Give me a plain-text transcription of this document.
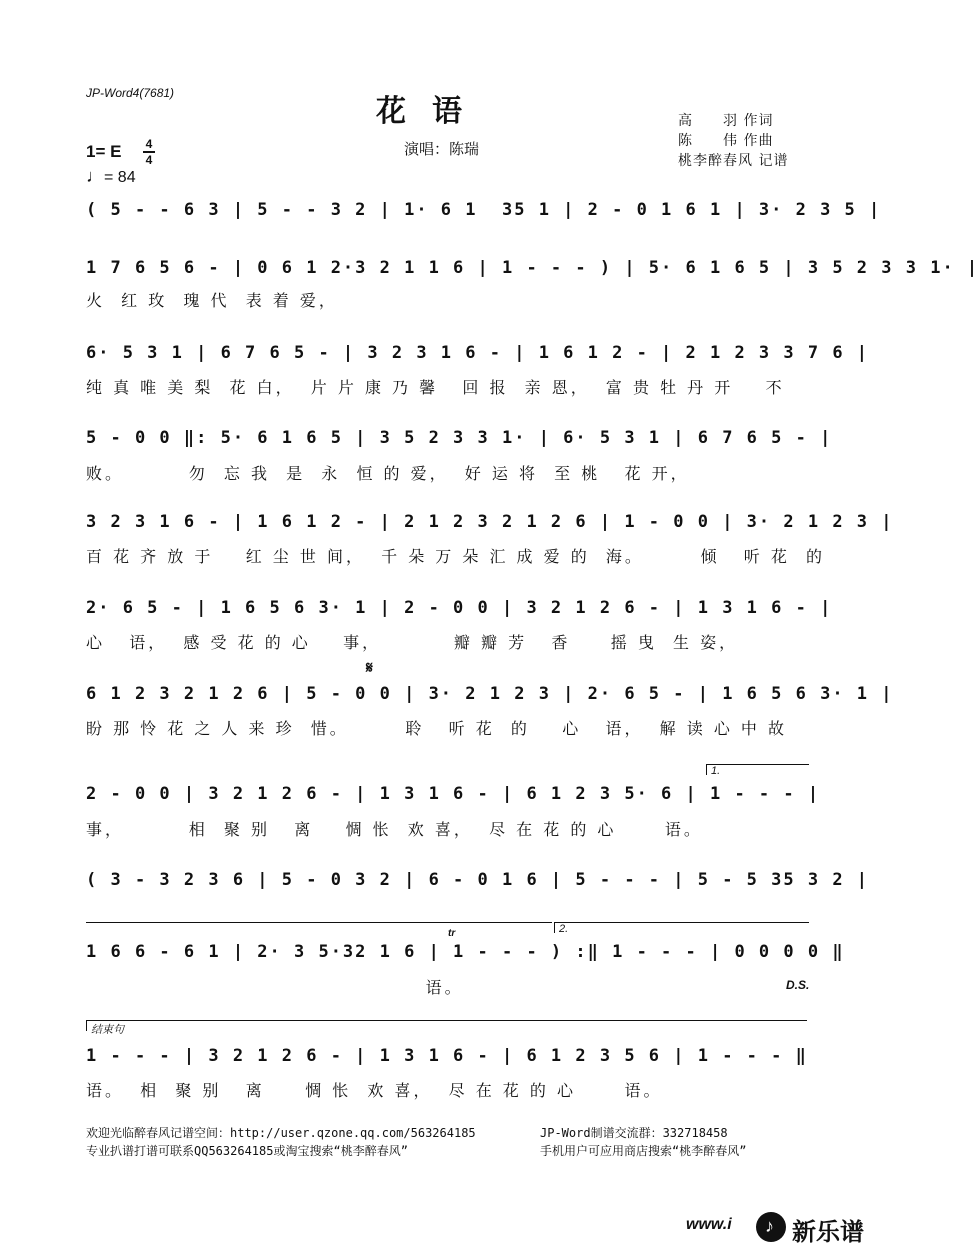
JP-Word4(7681)
花语
演唱：陈瑞
高　　羽 作词
陈　　伟 作曲
桃李醉春风 记谱
1= E 4
4
♩= 84
( 5 - - 6 3 | 5 - - 3 2 | 1· 6 1  35 1 | 2 - 0 1 6 1 | 3· 2 3 5 |
1 7 6 5 6 - | 0 6 1 2·3 2 1 1 6 | 1 - - - ) | 5· 6 1 6 5 | 3 5 2 3 3 1· |
火  红 玫  瑰 代  表 着 爱，
6· 5 3 1 | 6 7 6 5 - | 3 2 3 1 6 - | 1 6 1 2 - | 2 1 2 3 3 7 6 |
纯 真 唯 美 梨  花 白，  片 片 康 乃 馨   回 报  亲 恩，  富 贵 牡 丹 开    不
5 - 0 0 ‖: 5· 6 1 6 5 | 3 5 2 3 3 1· | 6· 5 3 1 | 6 7 6 5 - |
败。        勿  忘 我  是  永  恒 的 爱，  好 运 将  至 桃   花 开，
3 2 3 1 6 - | 1 6 1 2 - | 2 1 2 3 2 1 2 6 | 1 - 0 0 | 3· 2 1 2 3 |
百 花 齐 放 于    红 尘 世 间，  千 朵 万 朵 汇 成 爱 的  海。       倾   听 花  的
2· 6 5 - | 1 6 5 6 3· 1 | 2 - 0 0 | 3 2 1 2 6 - | 1 3 1 6 - |
心   语，  感 受 花 的 心    事，         瓣 瓣 芳   香     摇 曳  生 姿，
𝄋
6 1 2 3 2 1 2 6 | 5 - 0 0 | 3· 2 1 2 3 | 2· 6 5 - | 1 6 5 6 3· 1 |
盼 那 怜 花 之 人 来 珍  惜。       聆   听 花  的    心   语，  解 读 心 中 故
1.
2 - 0 0 | 3 2 1 2 6 - | 1 3 1 6 - | 6 1 2 3 5· 6 | 1 - - - |
事，        相  聚 别   离    惆 怅  欢 喜，  尽 在 花 的 心      语。
( 3 - 3 2 3 6 | 5 - 0 3 2 | 6 - 0 1 6 | 5 - - - | 5 - 5 35 3 2 |
2.
tr
1 6 6 - 6 1 | 2· 3 5·32 1 6 | 1 - - - ) :‖ 1 - - - | 0 0 0 0 ‖
语。	D.S.
结束句
1 - - - | 3 2 1 2 6 - | 1 3 1 6 - | 6 1 2 3 5 6 | 1 - - - ‖
语。  相  聚 别   离     惆 怅  欢 喜，  尽 在 花 的 心      语。
欢迎光临醉春风记谱空间：http://user.qzone.qq.com/563264185	JP-Word制谱交流群：332718458
专业扒谱打谱可联系QQ563264185或淘宝搜索“桃李醉春风”	手机用户可应用商店搜索“桃李醉春风”
www.i ♪ 新乐谱
